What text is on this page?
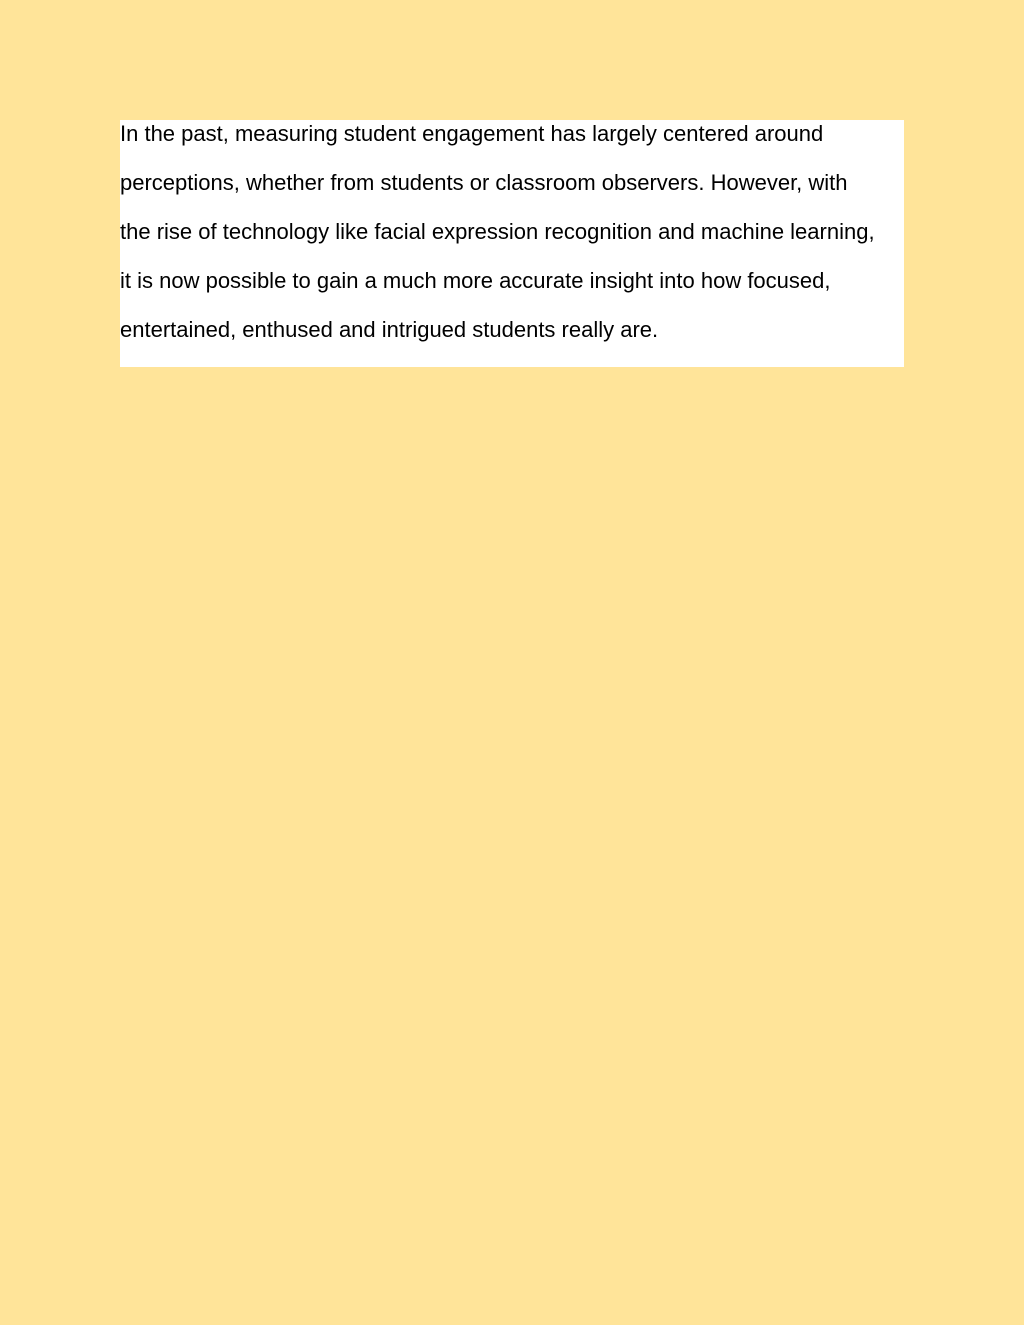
In the past, measuring student engagement has largely centered around
perceptions, whether from students or classroom observers. However, with
the rise of technology like facial expression recognition and machine learning,
it is now possible to gain a much more accurate insight into how focused,
entertained, enthused and intrigued students really are.
